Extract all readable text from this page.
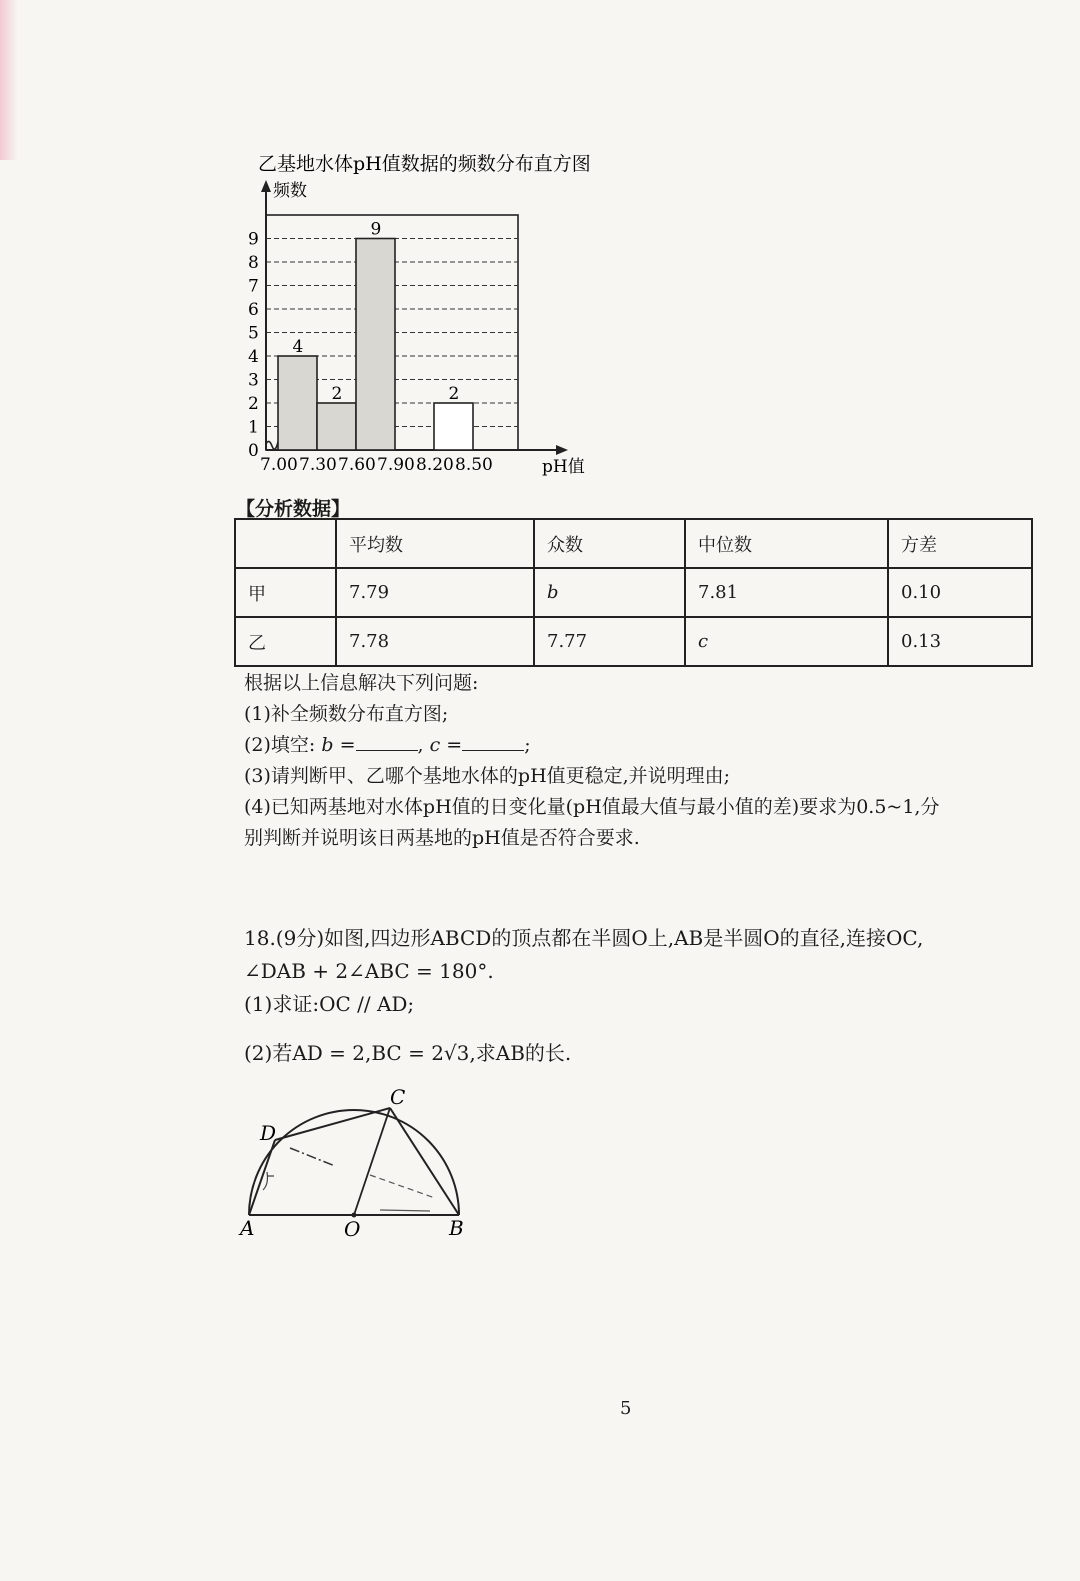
乙基地水体pH值数据的频数分布直方图
频数
pH值
4
2
9
2
0
1
2
3
4
5
6
7
8
9
7.00 7.30 7.60 7.90 8.20 8.50
【分析数据】
	平均数	众数	中位数	方差
甲	7.79	b	7.81	0.10
乙	7.78	7.77	c	0.13
根据以上信息解决下列问题:
(1)补全频数分布直方图;
(2)填空: b =	, c =	;
(3)请判断甲、乙哪个基地水体的pH值更稳定,并说明理由;
(4)已知两基地对水体pH值的日变化量(pH值最大值与最小值的差)要求为0.5~1,分
别判断并说明该日两基地的pH值是否符合要求.
18.(9分)如图,四边形ABCD的顶点都在半圆O上,AB是半圆O的直径,连接OC,
∠DAB + 2∠ABC = 180°.
(1)求证:OC // AD;
(2)若AD = 2,BC = 2√3,求AB的长.
A	B
C
D
O
5
